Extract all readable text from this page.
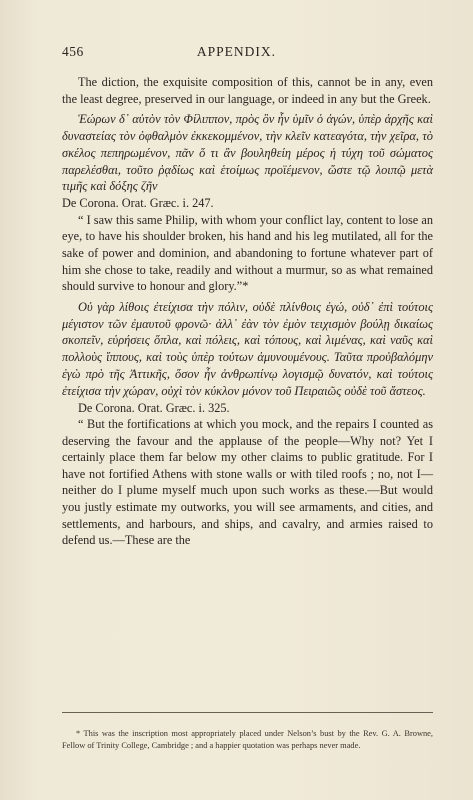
456	APPENDIX.

The diction, the exquisite composition of this, cannot be in any, even the least degree, preserved in our language, or indeed in any but the Greek.

Ἑώρων δ᾽ αὐτὸν τὸν Φίλιππον, πρὸς ὃν ἦν ὑμῖν ὁ ἀγών, ὑπὲρ ἀρχῆς καὶ δυναστείας τὸν ὀφθαλμὸν ἐκκεκομμένον, τὴν κλεῖν κατεαγότα, τὴν χεῖρα, τὸ σκέλος πεπηρωμένον, πᾶν ὅ τι ἂν βουληθείη μέρος ἡ τύχη τοῦ σώματος παρελέσθαι, τοῦτο ῥᾳδίως καὶ ἑτοίμως προϊέμενον, ὥστε τῷ λοιπῷ μετὰ τιμῆς καὶ δόξης ζῆν

De Corona. Orat. Græc. i. 247.

“ I saw this same Philip, with whom your conflict lay, content to lose an eye, to have his shoulder broken, his hand and his leg mutilated, all for the sake of power and dominion, and abandoning to fortune whatever part of him she chose to take, readily and without a murmur, so as what remained should survive to honour and glory.”*

Οὐ γὰρ λίθοις ἐτείχισα τὴν πόλιν, οὐδὲ πλίνθοις ἐγώ, οὐδ᾽ ἐπὶ τούτοις μέγιστον τῶν ἐμαυτοῦ φρονῶ· ἀλλ᾽ ἐὰν τὸν ἐμὸν τειχισμὸν βούλῃ δικαίως σκοπεῖν, εὑρήσεις ὅπλα, καὶ πόλεις, καὶ τόπους, καὶ λιμένας, καὶ ναῦς καὶ πολλοὺς ἵππους, καὶ τοὺς ὑπὲρ τούτων ἀμυνουμένους. Ταῦτα προὐβαλόμην ἐγὼ πρὸ τῆς Ἀττικῆς, ὅσον ἦν ἀνθρωπίνῳ λογισμῷ δυνατόν, καὶ τούτοις ἐτείχισα τὴν χώραν, οὐχὶ τὸν κύκλον μόνον τοῦ Πειραιῶς οὐδὲ τοῦ ἄστεος.

De Corona. Orat. Græc. i. 325.

“ But the fortifications at which you mock, and the repairs I counted as deserving the favour and the applause of the people—Why not? Yet I certainly place them far below my other claims to public gratitude. For I have not fortified Athens with stone walls or with tiled roofs ; no, not I—neither do I plume myself much upon such works as these.—But would you justly estimate my outworks, you will see armaments, and cities, and settlements, and harbours, and ships, and cavalry, and armies raised to defend us.—These are the

* This was the inscription most appropriately placed under Nelson’s bust by the Rev. G. A. Browne, Fellow of Trinity College, Cambridge ; and a happier quotation was perhaps never made.
